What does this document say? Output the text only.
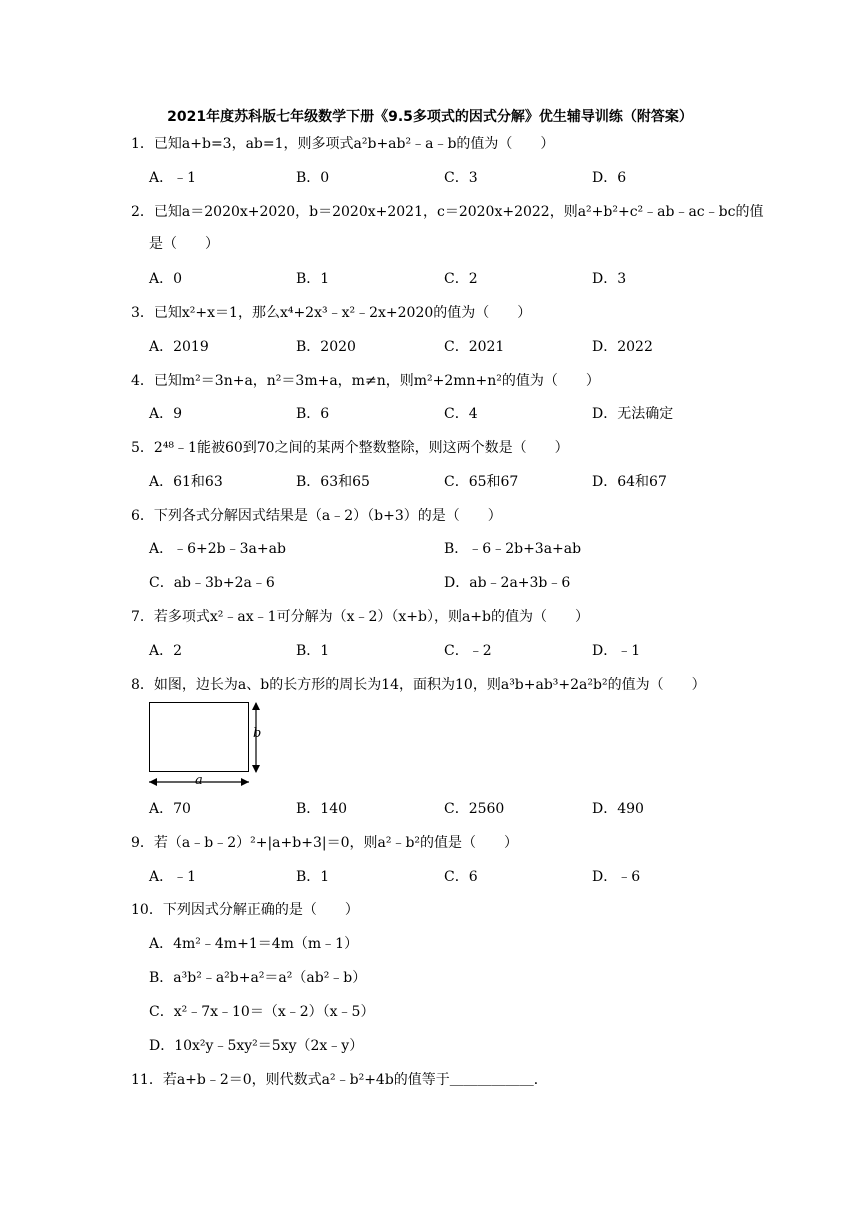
2021年度苏科版七年级数学下册《9.5多项式的因式分解》优生辅导训练（附答案）
1．已知a+b=3，ab=1，则多项式a²b+ab²﹣a﹣b的值为（　　）
A．﹣1	B．0	C．3	D．6
2．已知a＝2020x+2020，b＝2020x+2021，c＝2020x+2022，则a²+b²+c²﹣ab﹣ac﹣bc的值
是（　　）
A．0	B．1	C．2	D．3
3．已知x²+x＝1，那么x⁴+2x³﹣x²﹣2x+2020的值为（　　）
A．2019	B．2020	C．2021	D．2022
4．已知m²＝3n+a，n²＝3m+a，m≠n，则m²+2mn+n²的值为（　　）
A．9	B．6	C．4	D．无法确定
5．2⁴⁸﹣1能被60到70之间的某两个整数整除，则这两个数是（　　）
A．61和63	B．63和65	C．65和67	D．64和67
6．下列各式分解因式结果是（a﹣2）（b+3）的是（　　）
A．﹣6+2b﹣3a+ab	B．﹣6﹣2b+3a+ab
C．ab﹣3b+2a﹣6	D．ab﹣2a+3b﹣6
7．若多项式x²﹣ax﹣1可分解为（x﹣2）（x+b），则a+b的值为（　　）
A．2	B．1	C．﹣2	D．﹣1
8．如图，边长为a、b的长方形的周长为14，面积为10，则a³b+ab³+2a²b²的值为（　　）
b
a
A．70	B．140	C．2560	D．490
9．若（a﹣b﹣2）²+|a+b+3|＝0，则a²﹣b²的值是（　　）
A．﹣1	B．1	C．6	D．﹣6
10．下列因式分解正确的是（　　）
A．4m²﹣4m+1＝4m（m﹣1）
B．a³b²﹣a²b+a²＝a²（ab²﹣b）
C．x²﹣7x﹣10＝（x﹣2）（x﹣5）
D．10x²y﹣5xy²＝5xy（2x﹣y）
11．若a+b﹣2＝0，则代数式a²﹣b²+4b的值等于＿＿＿＿＿＿．
